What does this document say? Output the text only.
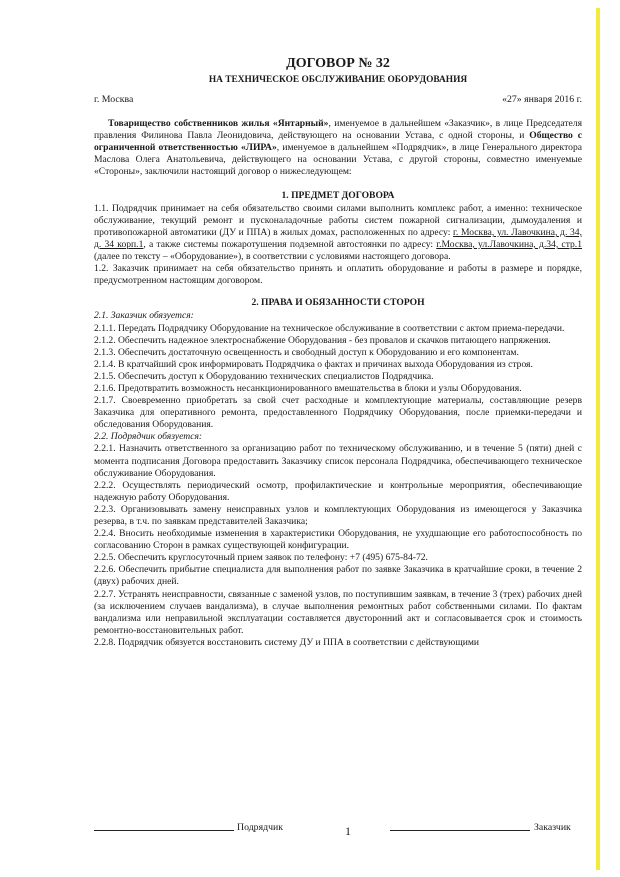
ДОГОВОР № 32

НА ТЕХНИЧЕСКОЕ ОБСЛУЖИВАНИЕ ОБОРУДОВАНИЯ

г. Москва	«27» января 2016 г.

Товарищество собственников жилья «Янтарный», именуемое в дальнейшем «Заказчик», в лице Председателя правления Филинова Павла Леонидовича, действующего на основании Устава, с одной стороны, и Общество с ограниченной ответственностью «ЛИРА», именуемое в дальнейшем «Подрядчик», в лице Генерального директора Маслова Олега Анатольевича, действующего на основании Устава, с другой стороны, совместно именуемые «Стороны», заключили настоящий договор о нижеследующем:

1. ПРЕДМЕТ ДОГОВОРА

1.1. Подрядчик принимает на себя обязательство своими силами выполнить комплекс работ, а именно: техническое обслуживание, текущий ремонт и пусконаладочные работы систем пожарной сигнализации, дымоудаления и противопожарной автоматики (ДУ и ППА) в жилых домах, расположенных по адресу: г. Москва, ул. Лавочкина, д. 34, д. 34 корп.1, а также системы пожаротушения подземной автостоянки по адресу: г.Москва, ул.Лавочкина, д.34, стр.1 (далее по тексту – «Оборудование»), в соответствии с условиями настоящего договора.

1.2. Заказчик принимает на себя обязательство принять и оплатить оборудование и работы в размере и порядке, предусмотренном настоящим договором.

2. ПРАВА И ОБЯЗАННОСТИ СТОРОН

2.1. Заказчик обязуется:

2.1.1. Передать Подрядчику Оборудование на техническое обслуживание в соответствии с актом приема-передачи.

2.1.2. Обеспечить надежное электроснабжение Оборудования - без провалов и скачков питающего напряжения.

2.1.3. Обеспечить достаточную освещенность и свободный доступ к Оборудованию и его компонентам.

2.1.4. В кратчайший срок информировать Подрядчика о фактах и причинах выхода Оборудования из строя.

2.1.5. Обеспечить доступ к Оборудованию технических специалистов Подрядчика.

2.1.6. Предотвратить возможность несанкционированного вмешательства в блоки и узлы Оборудования.

2.1.7. Своевременно приобретать за свой счет расходные и комплектующие материалы, составляющие резерв Заказчика для оперативного ремонта, предоставленного Подрядчику Оборудования, после приемки-передачи и обследования Оборудования.

2.2. Подрядчик обязуется:

2.2.1. Назначить ответственного за организацию работ по техническому обслуживанию, и в течение 5 (пяти) дней с момента подписания Договора предоставить Заказчику список персонала Подрядчика, обеспечивающего техническое обслуживание Оборудования.

2.2.2. Осуществлять периодический осмотр, профилактические и контрольные мероприятия, обеспечивающие надежную работу Оборудования.

2.2.3. Организовывать замену неисправных узлов и комплектующих Оборудования из имеющегося у Заказчика резерва, в т.ч. по заявкам представителей Заказчика;

2.2.4. Вносить необходимые изменения в характеристики Оборудования, не ухудшающие его работоспособность по согласованию Сторон в рамках существующей конфигурации.

2.2.5. Обеспечить круглосуточный прием заявок по телефону: +7 (495) 675-84-72.

2.2.6. Обеспечить прибытие специалиста для выполнения работ по заявке Заказчика в кратчайшие сроки, в течение 2 (двух) рабочих дней.

2.2.7. Устранять неисправности, связанные с заменой узлов, по поступившим заявкам, в течение 3 (трех) рабочих дней (за исключением случаев вандализма), в случае выполнения ремонтных работ собственными силами. По фактам вандализма или неправильной эксплуатации составляется двусторонний акт и согласовывается срок и стоимость ремонтно-восстановительных работ.

2.2.8. Подрядчик обязуется восстановить систему ДУ и ППА в соответствии с действующими

Подрядчик	1	Заказчик
